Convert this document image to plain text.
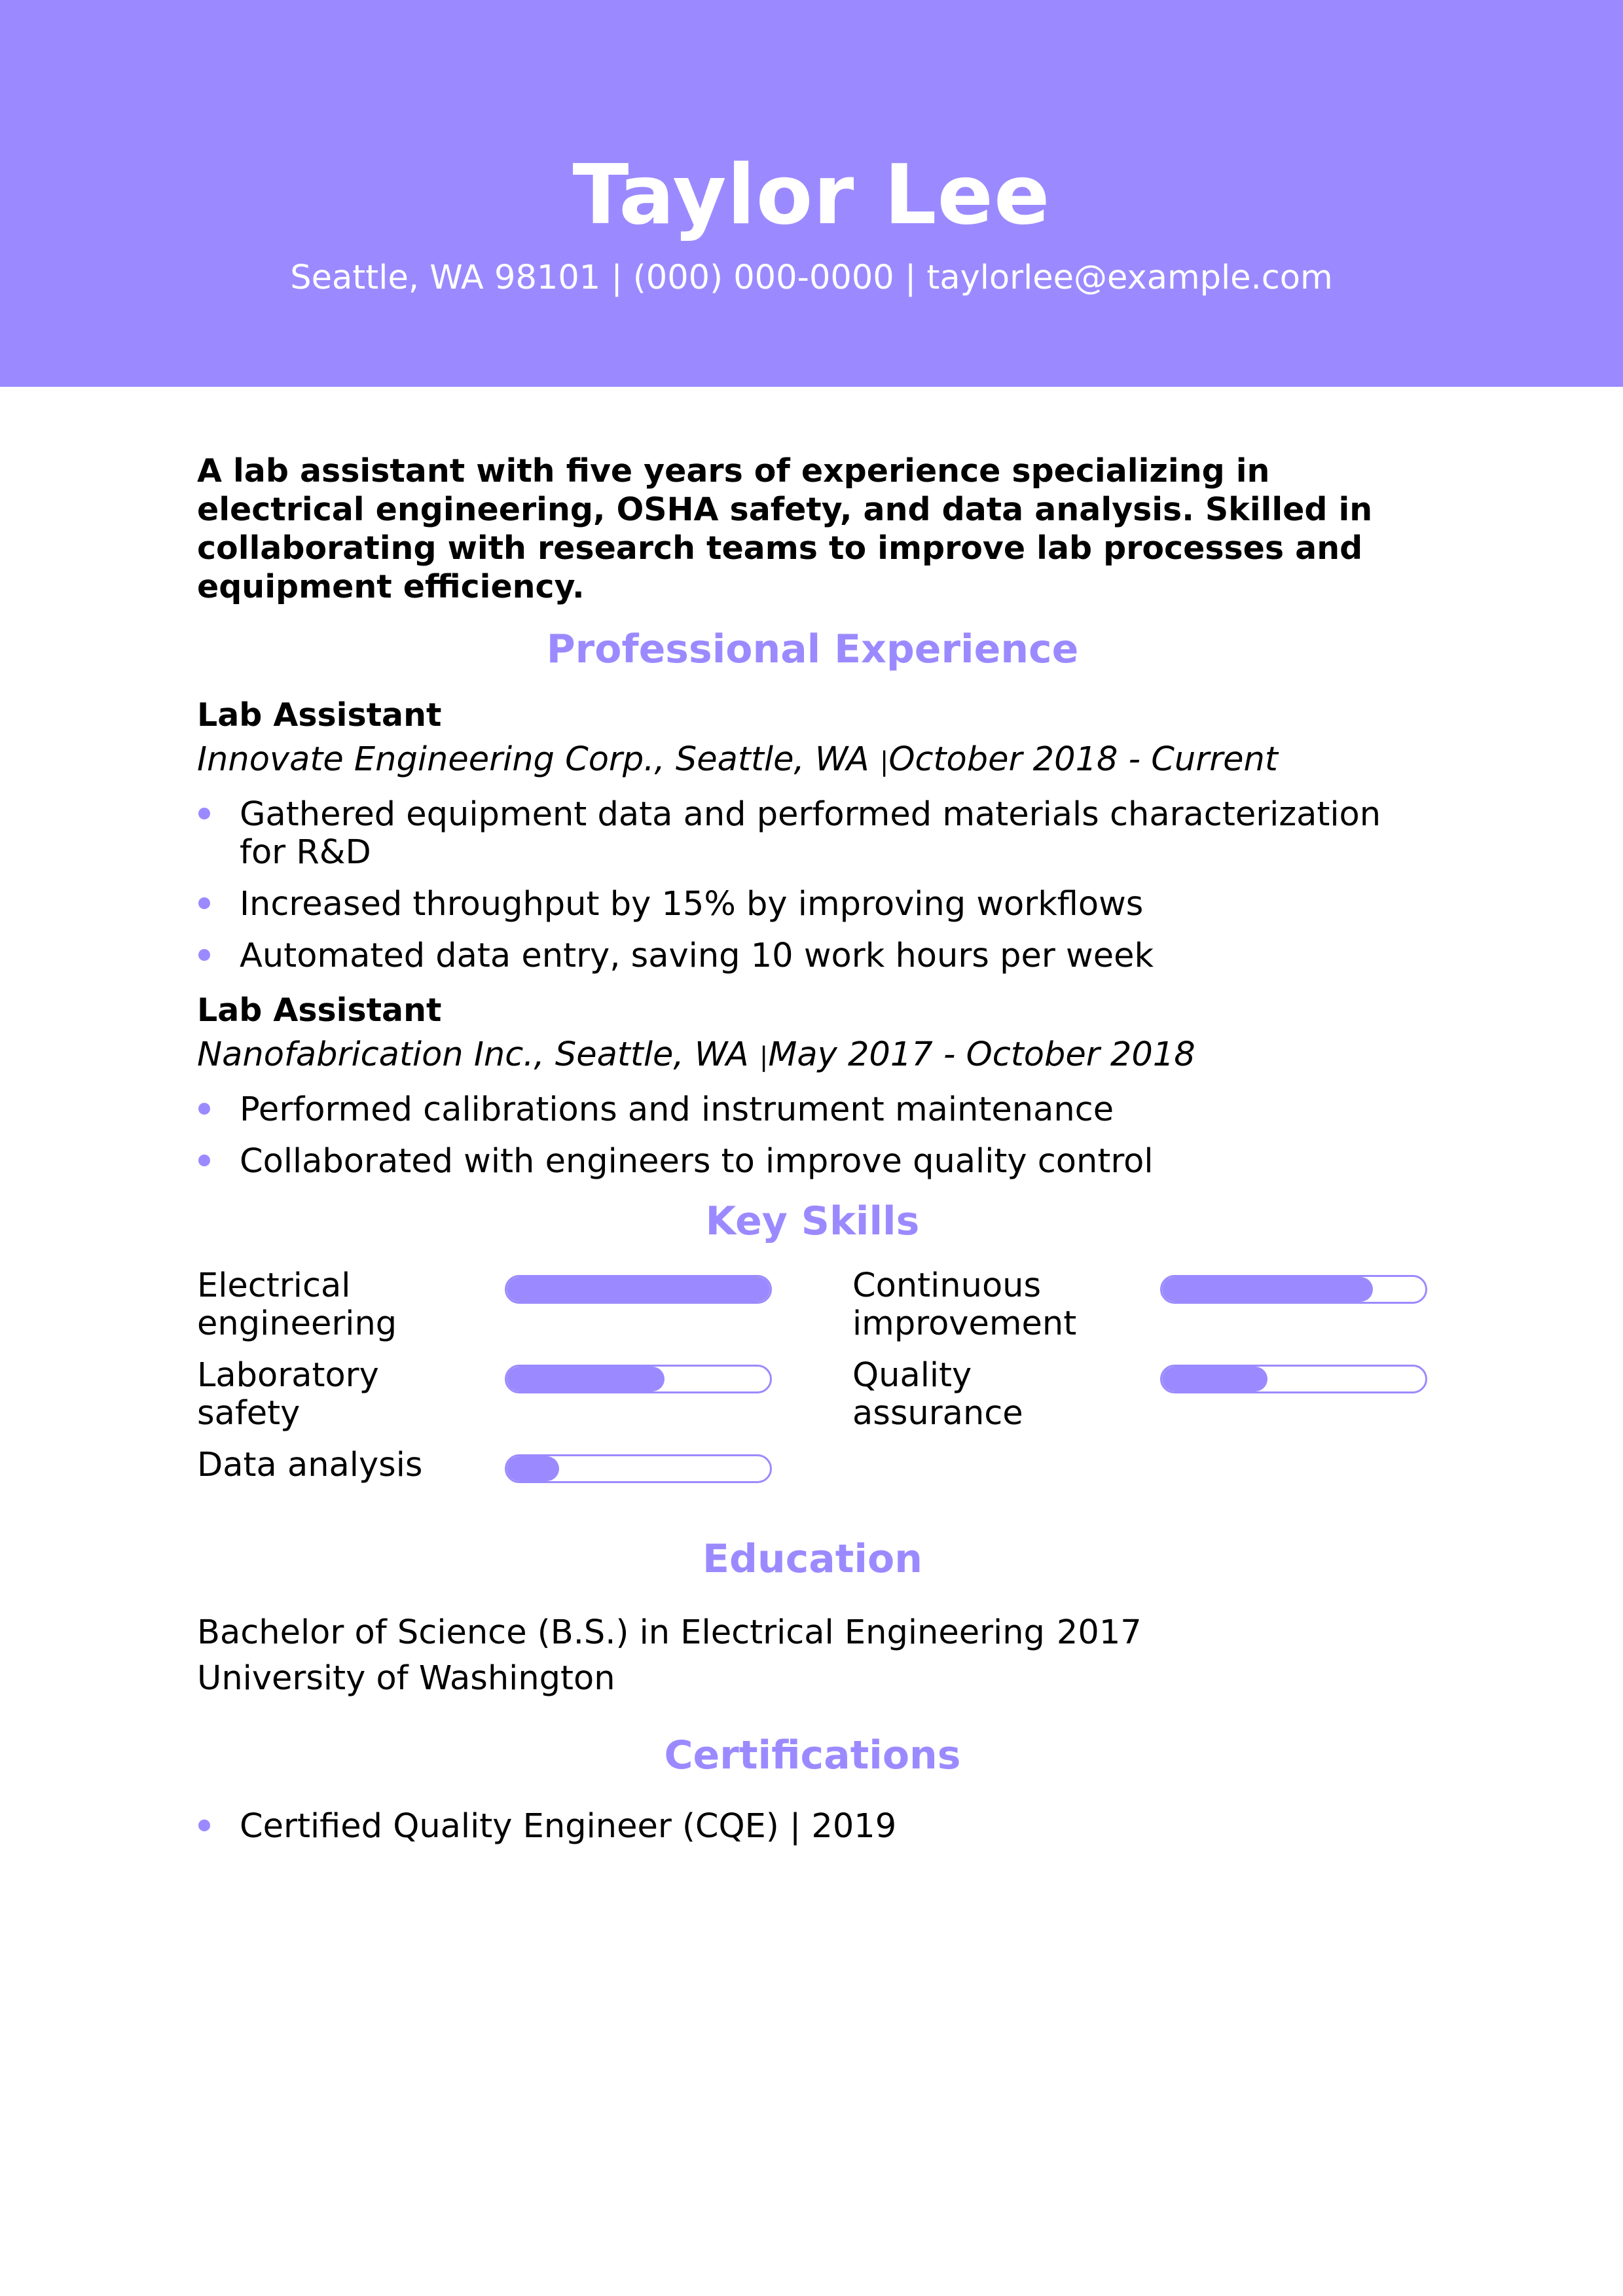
Taylor Lee
Seattle, WA 98101 | (000) 000-0000 | taylorlee@example.com

A lab assistant with five years of experience specializing in electrical engineering, OSHA safety, and data analysis. Skilled in collaborating with research teams to improve lab processes and equipment efficiency.

Professional Experience

Lab Assistant

Innovate Engineering Corp., Seattle, WA |October 2018 - Current

Gathered equipment data and performed materials characterization for R&D
Increased throughput by 15% by improving workflows
Automated data entry, saving 10 work hours per week

Lab Assistant

Nanofabrication Inc., Seattle, WA |May 2017 - October 2018

Performed calibrations and instrument maintenance
Collaborated with engineers to improve quality control
Key Skills
Electrical engineering
Continuous improvement
Laboratory safety
Quality assurance
Data analysis
Education
Bachelor of Science (B.S.) in Electrical Engineering 2017
University of Washington
Certifications
Certified Quality Engineer (CQE) | 2019
